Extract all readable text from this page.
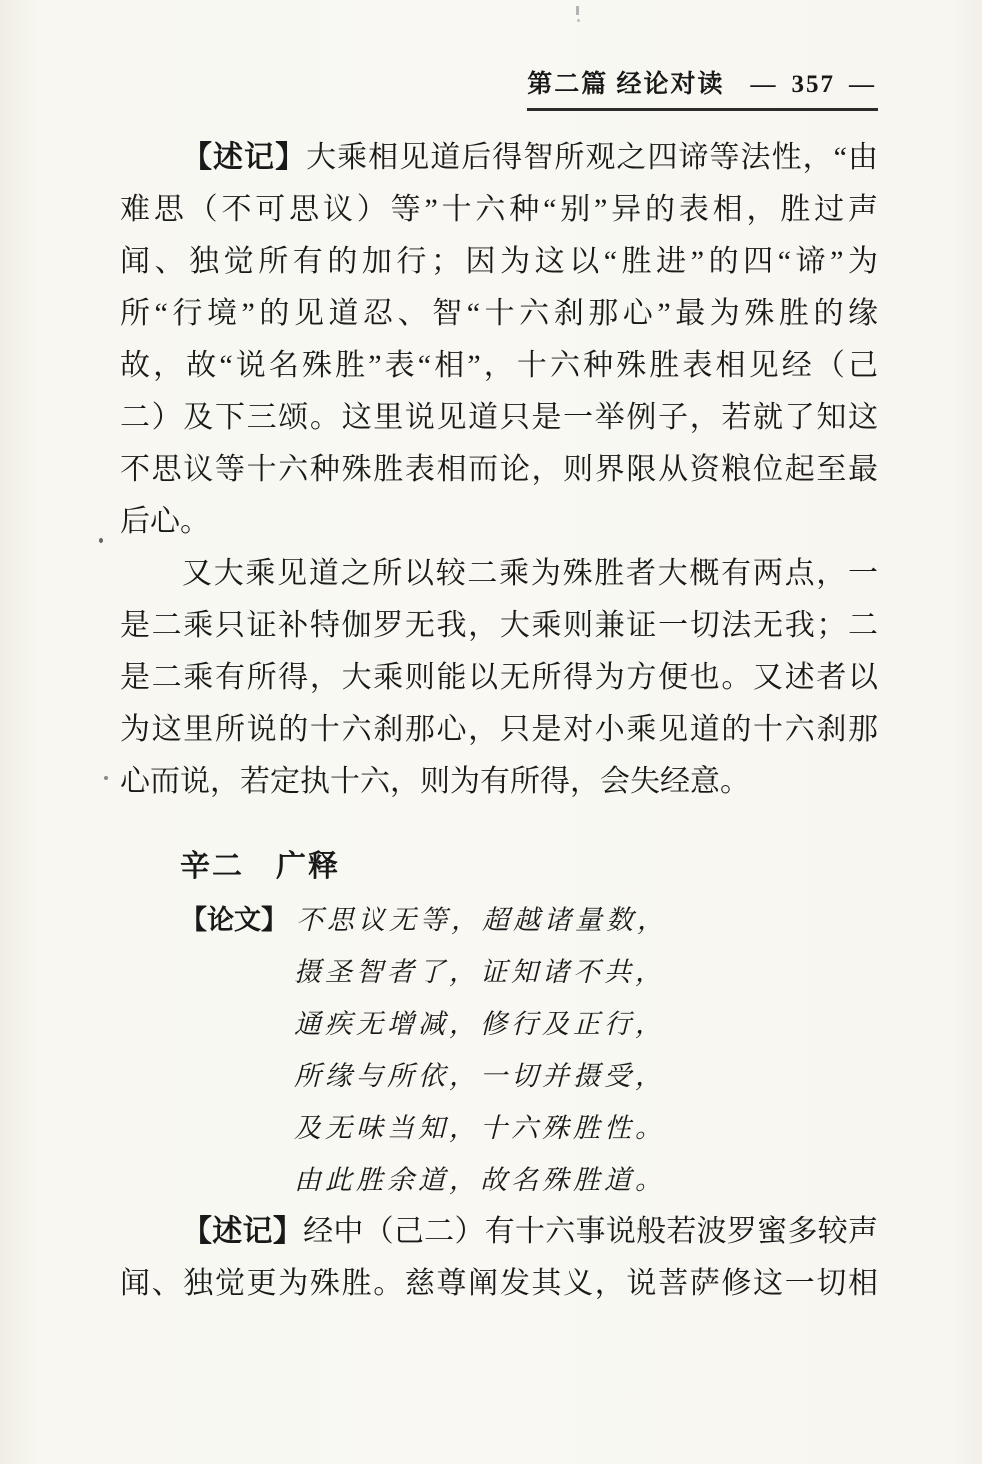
第二篇 经论对读 — 357 —
【述记】大乘相见道后得智所观之四谛等法性，“由
难思（不可思议）等”十六种“别”异的表相，胜过声
闻、独觉所有的加行；因为这以“胜进”的四“谛”为
所“行境”的见道忍、智“十六刹那心”最为殊胜的缘
故，故“说名殊胜”表“相”，十六种殊胜表相见经（己
二）及下三颂。这里说见道只是一举例子，若就了知这
不思议等十六种殊胜表相而论，则界限从资粮位起至最
后心。
又大乘见道之所以较二乘为殊胜者大概有两点，一
是二乘只证补特伽罗无我，大乘则兼证一切法无我；二
是二乘有所得，大乘则能以无所得为方便也。又述者以
为这里所说的十六刹那心，只是对小乘见道的十六刹那
心而说，若定执十六，则为有所得，会失经意。
辛二　广释
【论文】 不思议无等，超越诸量数，
摄圣智者了，证知诸不共，
通疾无增减，修行及正行，
所缘与所依，一切并摄受，
及无味当知，十六殊胜性。
由此胜余道，故名殊胜道。
【述记】经中（己二）有十六事说般若波罗蜜多较声
闻、独觉更为殊胜。慈尊阐发其义，说菩萨修这一切相
